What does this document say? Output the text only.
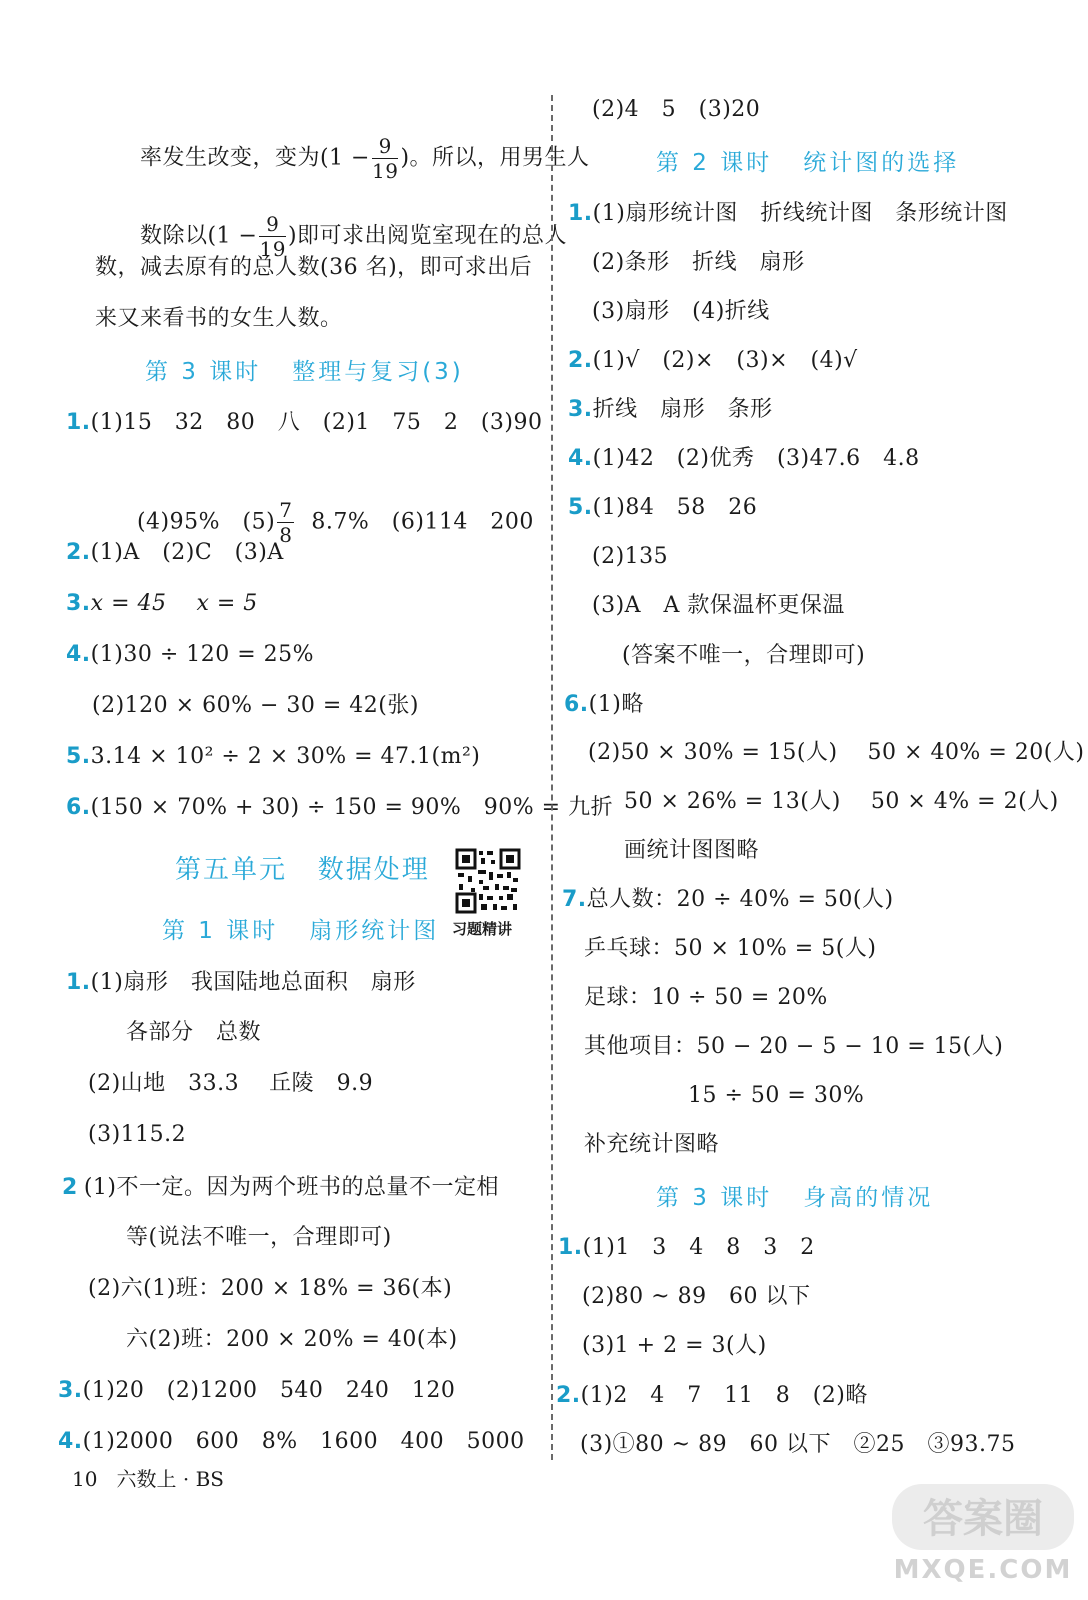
率发生改变，变为($1 - \frac{9}{19}$ )。所以，用男生人

数除以($1 - \frac{9}{19}$ )即可求出阅览室现在的总人

数，减去原有的总人数(36 名)，即可求出后
来又来看书的女生人数。
第 3 课时   整理与复习(3)
1.(1)15   32   80   八   (2)1   75   2   (3)90

(4)95%   $(5) \frac{7}{8} 8.7\%$   (6)114   200

2.(1)A   (2)C   (3)A
3.x = 45    x = 5
4.(1)30 ÷ 120 = 25%
(2)120 × 60% − 30 = 42(张)
5.3.14 × 10² ÷ 2 × 30% = 47.1(m²)
6.(150 × 70% + 30) ÷ 150 = 90%   90% = 九折
第五单元   数据处理
习题精讲
第 1 课时   扇形统计图
1.(1)扇形   我国陆地总面积   扇形
各部分   总数
(2)山地   33.3    丘陵   9.9
(3)115.2
2 (1)不一定。因为两个班书的总量不一定相
等(说法不唯一，合理即可)
(2)六(1)班：200 × 18% = 36(本)
六(2)班：200 × 20% = 40(本)
3.(1)20   (2)1200   540   240   120
4.(1)2000   600   8%   1600   400   5000
(2)4   5   (3)20
第 2 课时   统计图的选择
1.(1)扇形统计图   折线统计图   条形统计图
(2)条形   折线   扇形
(3)扇形   (4)折线
2.(1)√   (2)×   (3)×   (4)√
3.折线   扇形   条形
4.(1)42   (2)优秀   (3)47.6   4.8
5.(1)84   58   26
(2)135
(3)A   A 款保温杯更保温
(答案不唯一，合理即可)
6.(1)略
(2)50 × 30% = 15(人)    50 × 40% = 20(人)
50 × 26% = 13(人)    50 × 4% = 2(人)
画统计图图略
7.总人数：20 ÷ 40% = 50(人)
乒乓球：50 × 10% = 5(人)
足球：10 ÷ 50 = 20%
其他项目：50 − 20 − 5 − 10 = 15(人)
15 ÷ 50 = 30%
补充统计图略
第 3 课时   身高的情况
1.(1)1   3   4   8   3   2
(2)80 ~ 89   60 以下
(3)1 + 2 = 3(人)
2.(1)2   4   7   11   8   (2)略
(3)①80 ~ 89   60 以下   ②25   ③93.75
10   六数上 · BS
答案圈
MXQE.COM
